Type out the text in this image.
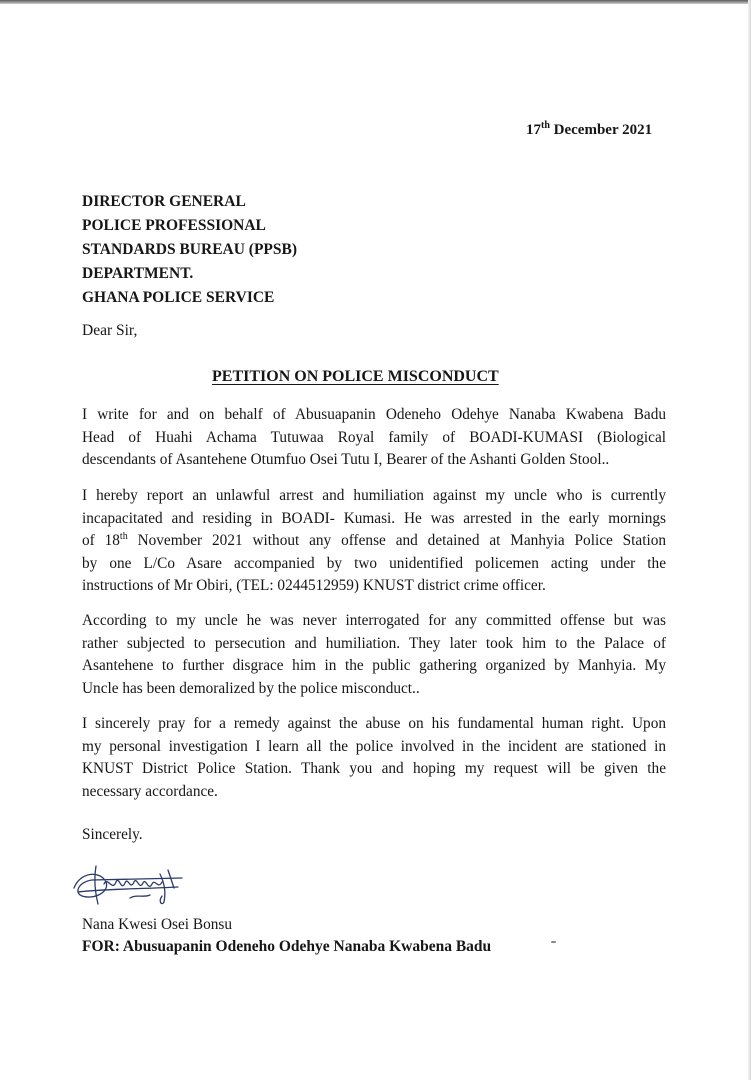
17th December 2021
DIRECTOR GENERAL
POLICE PROFESSIONAL
STANDARDS BUREAU (PPSB)
DEPARTMENT.
GHANA POLICE SERVICE
Dear Sir,
PETITION ON POLICE MISCONDUCT
I write for and on behalf of Abusuapanin Odeneho Odehye Nanaba Kwabena Badu
Head of Huahi Achama Tutuwaa Royal family of BOADI-KUMASI (Biological
descendants of Asantehene Otumfuo Osei Tutu I, Bearer of the Ashanti Golden Stool..
I hereby report an unlawful arrest and humiliation against my uncle who is currently
incapacitated and residing in BOADI- Kumasi. He was arrested in the early mornings
of 18th November 2021 without any offense and detained at Manhyia Police Station
by one L/Co Asare accompanied by two unidentified policemen acting under the
instructions of Mr Obiri, (TEL: 0244512959) KNUST district crime officer.
According to my uncle he was never interrogated for any committed offense but was
rather subjected to persecution and humiliation. They later took him to the Palace of
Asantehene to further disgrace him in the public gathering organized by Manhyia. My
Uncle has been demoralized by the police misconduct..
I sincerely pray for a remedy against the abuse on his fundamental human right. Upon
my personal investigation I learn all the police involved in the incident are stationed in
KNUST District Police Station. Thank you and hoping my request will be given the
necessary accordance.
Sincerely.
Nana Kwesi Osei Bonsu
FOR: Abusuapanin Odeneho Odehye Nanaba Kwabena Badu
